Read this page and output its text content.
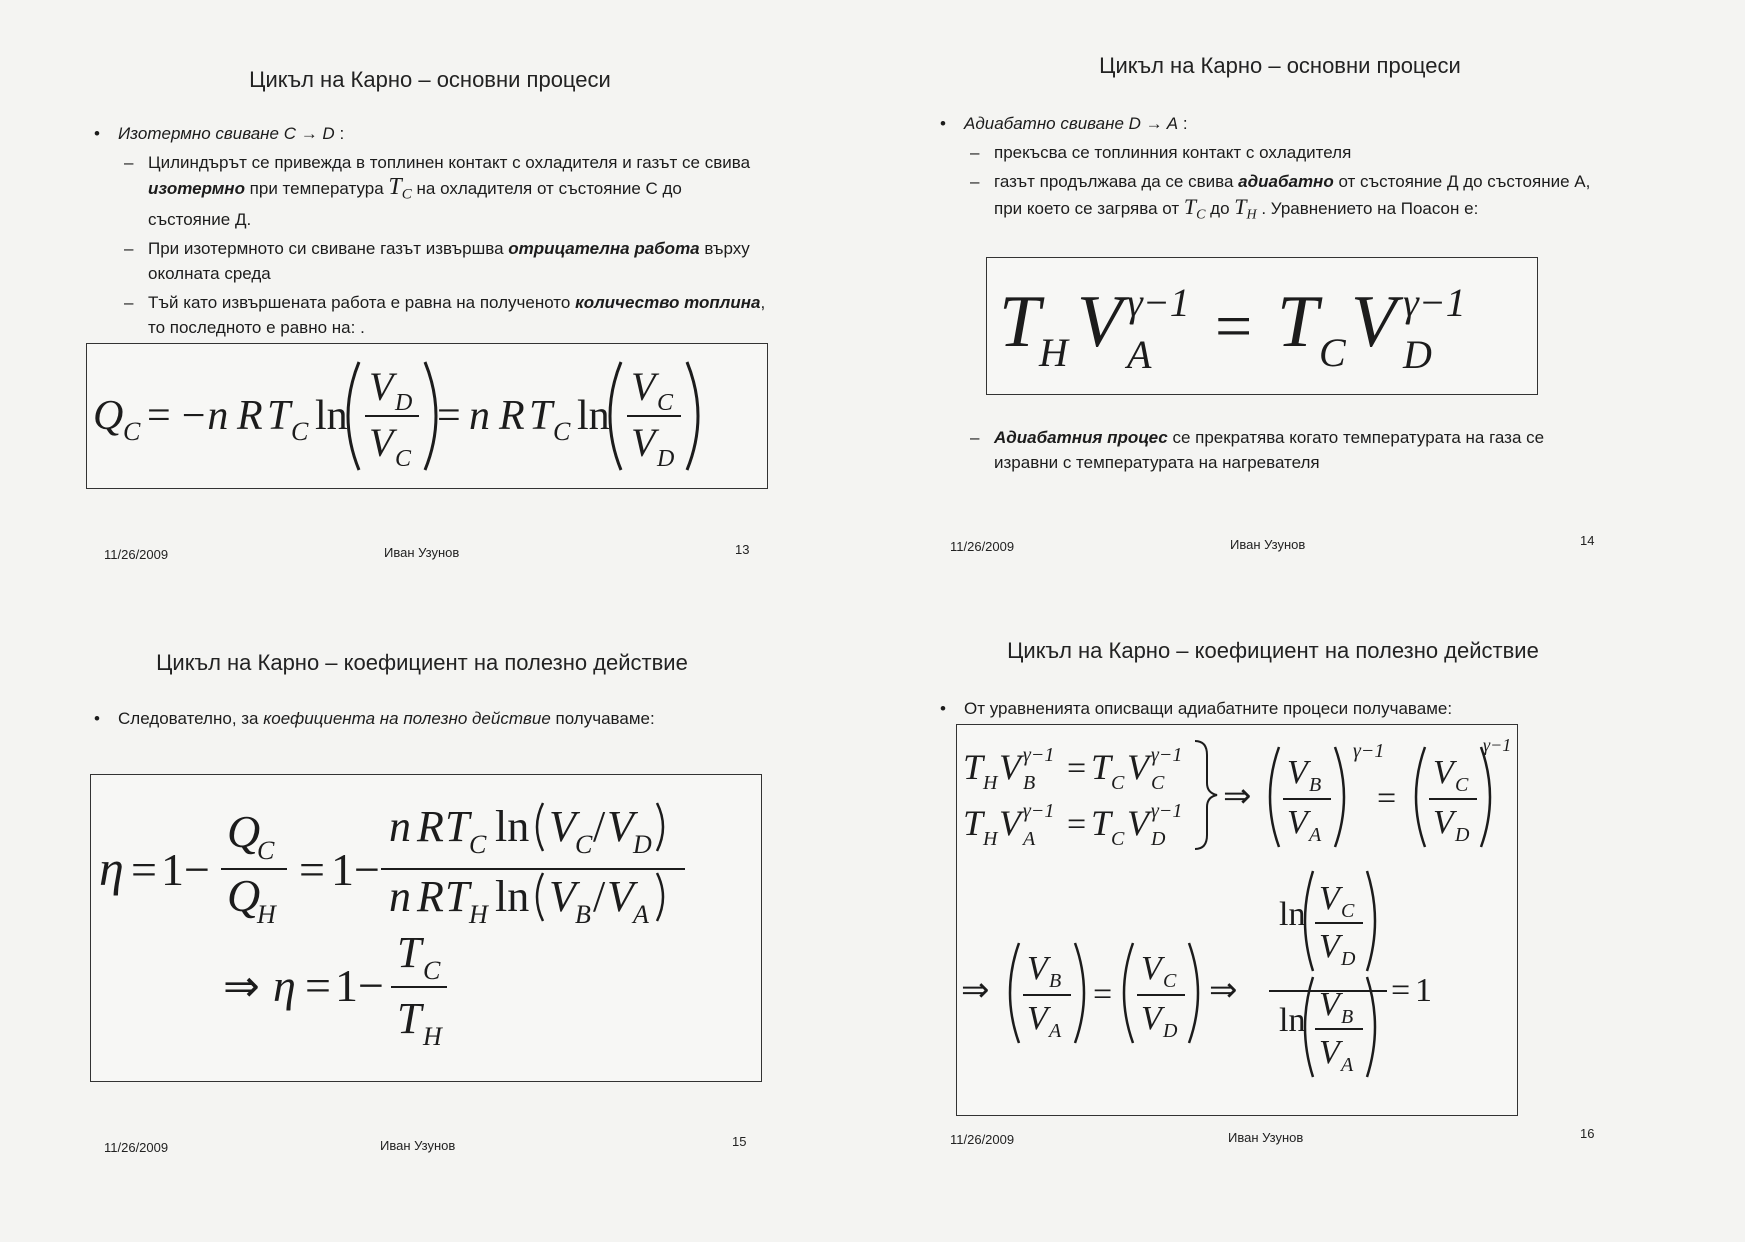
Цикъл на Карно – основни процеси
• Изотермно свиване C → D :
– Цилиндърът се привежда в топлинен контакт с охладителя и газът се свива изотермно при температура $T_C$ на охладителя от състояние С до състояние Д.
– При изотермното си свиване газът извършва отрицателна работа върху околната среда
– Тъй като извършената работа е равна на полученото количество топлина, то последното е равно на: .
Q C = −n R T C ln
V D
V C
= n R T C ln
V C
V D
11/26/2009	Иван Узунов	13
Цикъл на Карно – основни процеси
• Адиабатно свиване D → A :
– прекъсва се топлинния контакт с охладителя
– газът продължава да се свива адиабатно от състояние Д до състояние А, при което се загрява от $T_C$ до $T_H$ . Уравнението на Поасон е:
T
H V γ−1
A = T C V γ−1
D
– Адиабатния процес се прекратява когато температурата на газа се изравни с температурата на нагревателя
11/26/2009	Иван Узунов	14
Цикъл на Карно – коефициент на полезно действие
• Следователно, за коефициента на полезно действие получаваме:
η = 1−
Q
C
Q
H
= 1−
n R T C ln V C / V D
n R T H ln V B / V A
⇒ η = 1−
T C
T H
11/26/2009	Иван Узунов	15
Цикъл на Карно – коефициент на полезно действие
• От уравненията описващи адиабатните процеси получаваме:
T H V γ−1
B = T C V γ−1
C
T H V γ−1
A = T C V γ−1
D
⇒
V B
V A
γ−1
=
V C
V D
γ−1
⇒
V B
V A
=
V C
V D
⇒
ln V C
V D
ln V B
V A
= 1
11/26/2009	Иван Узунов	16
